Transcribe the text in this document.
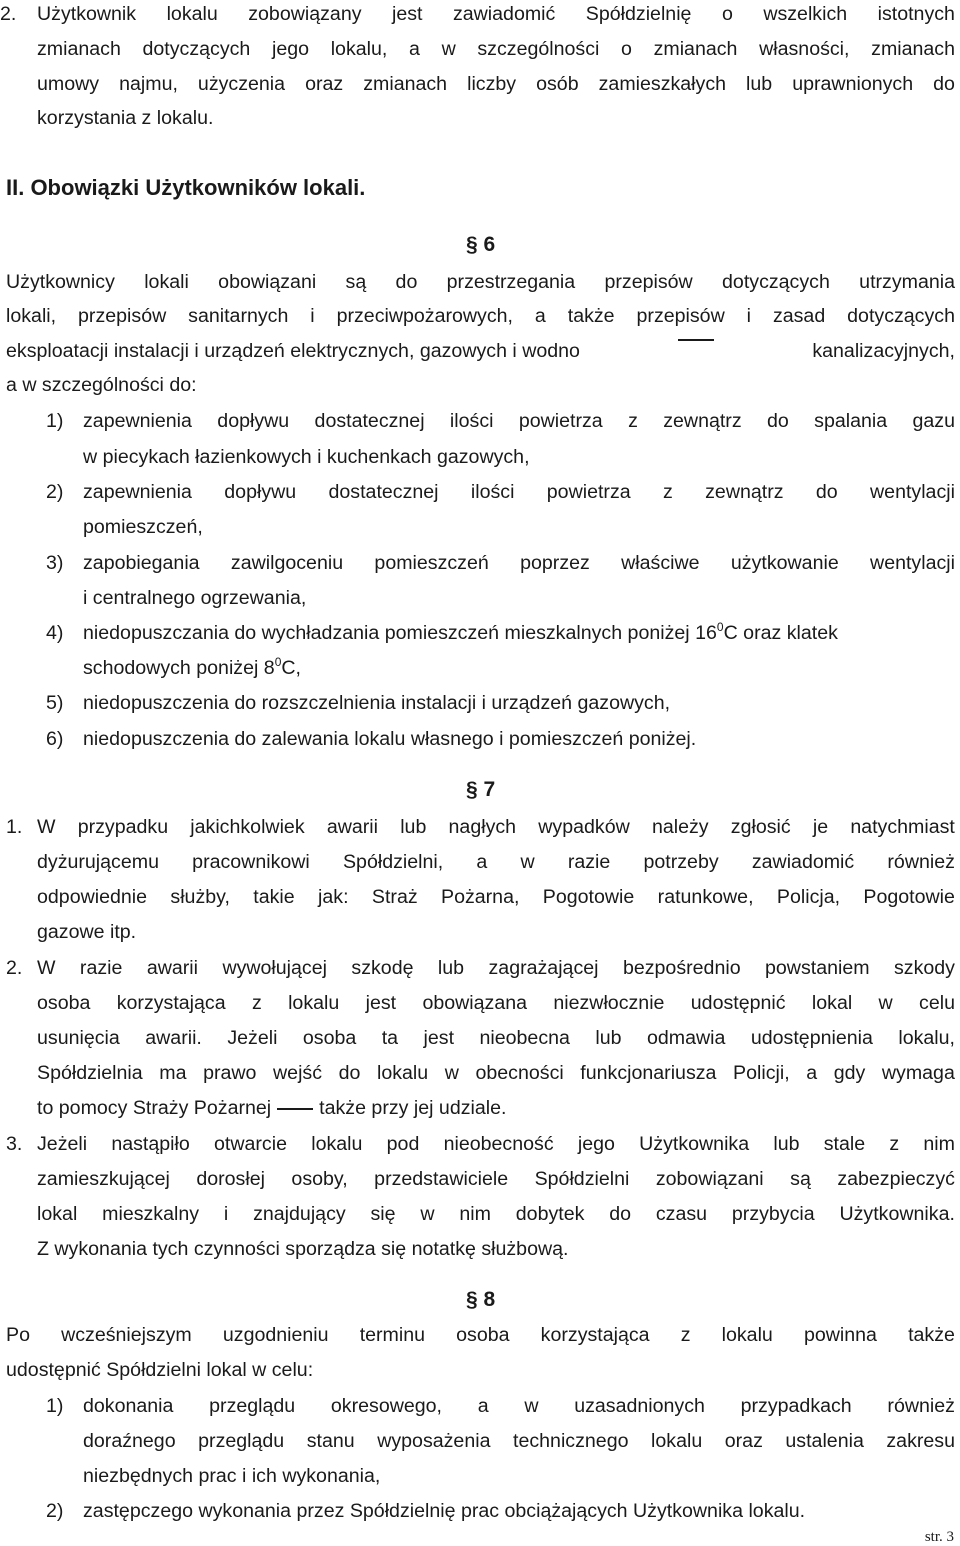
2. Użytkownik lokalu zobowiązany jest zawiadomić Spółdzielnię o wszelkich istotnych
zmianach dotyczących jego lokalu, a w szczególności o zmianach własności, zmianach
umowy najmu, użyczenia oraz zmianach liczby osób zamieszkałych lub uprawnionych do
korzystania z lokalu.
II. Obowiązki Użytkowników lokali.
§ 6
Użytkownicy lokali obowiązani są do przestrzegania przepisów dotyczących utrzymania
lokali, przepisów sanitarnych i przeciwpożarowych, a także przepisów i zasad dotyczących
eksploatacji instalacji i urządzeń elektrycznych, gazowych i wodno	kanalizacyjnych,
a w szczególności do:
1) zapewnienia dopływu dostatecznej ilości powietrza z zewnątrz do spalania gazu
w piecykach łazienkowych i kuchenkach gazowych,
2) zapewnienia dopływu dostatecznej ilości powietrza z zewnątrz do wentylacji
pomieszczeń,
3) zapobiegania zawilgoceniu pomieszczeń poprzez właściwe użytkowanie wentylacji
i centralnego ogrzewania,
4) niedopuszczania do wychładzania pomieszczeń mieszkalnych poniżej $16^0C$ oraz klatek
schodowych poniżej $8^0C$,
5) niedopuszczenia do rozszczelnienia instalacji i urządzeń gazowych,
6) niedopuszczenia do zalewania lokalu własnego i pomieszczeń poniżej.
§ 7
1. W przypadku jakichkolwiek awarii lub nagłych wypadków należy zgłosić je natychmiast
dyżurującemu pracownikowi Spółdzielni, a w razie potrzeby zawiadomić również
odpowiednie służby, takie jak: Straż Pożarna, Pogotowie ratunkowe, Policja, Pogotowie
gazowe itp.
2. W razie awarii wywołującej szkodę lub zagrażającej bezpośrednio powstaniem szkody
osoba korzystająca z lokalu jest obowiązana niezwłocznie udostępnić lokal w celu
usunięcia awarii. Jeżeli osoba ta jest nieobecna lub odmawia udostępnienia lokalu,
Spółdzielnia ma prawo wejść do lokalu w obecności funkcjonariusza Policji, a gdy wymaga
to pomocy Straży Pożarnej także przy jej udziale.
3. Jeżeli nastąpiło otwarcie lokalu pod nieobecność jego Użytkownika lub stale z nim
zamieszkującej dorosłej osoby, przedstawiciele Spółdzielni zobowiązani są zabezpieczyć
lokal mieszkalny i znajdujący się w nim dobytek do czasu przybycia Użytkownika.
Z wykonania tych czynności sporządza się notatkę służbową.
§ 8
Po wcześniejszym uzgodnieniu terminu osoba korzystająca z lokalu powinna także
udostępnić Spółdzielni lokal w celu:
1) dokonania przeglądu okresowego, a w uzasadnionych przypadkach również
doraźnego przeglądu stanu wyposażenia technicznego lokalu oraz ustalenia zakresu
niezbędnych prac i ich wykonania,
2) zastępczego wykonania przez Spółdzielnię prac obciążających Użytkownika lokalu.
str. 3
